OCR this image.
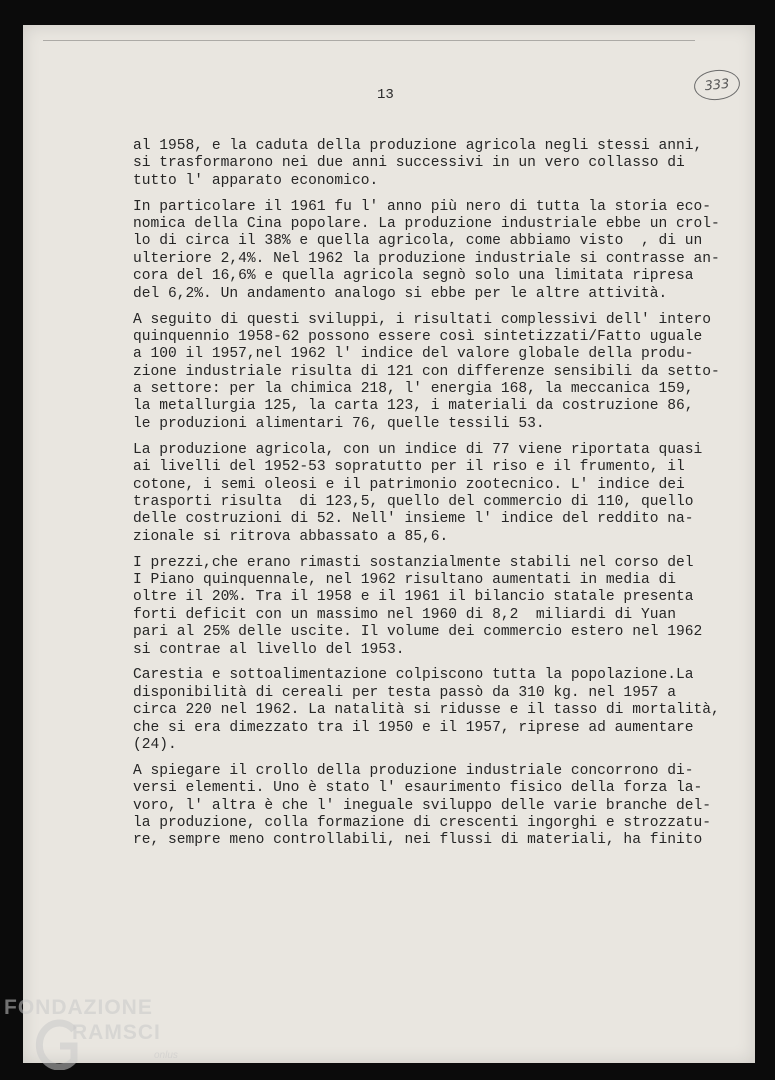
13
333
al 1958, e la caduta della produzione agricola negli stessi anni,
si trasformarono nei due anni successivi in un vero collasso di
tutto l' apparato economico.
In particolare il 1961 fu l' anno più nero di tutta la storia eco-
nomica della Cina popolare. La produzione industriale ebbe un crol-
lo di circa il 38% e quella agricola, come abbiamo visto  , di un
ulteriore 2,4%. Nel 1962 la produzione industriale si contrasse an-
cora del 16,6% e quella agricola segnò solo una limitata ripresa
del 6,2%. Un andamento analogo si ebbe per le altre attività.
A seguito di questi sviluppi, i risultati complessivi dell' intero
quinquennio 1958-62 possono essere così sintetizzati/Fatto uguale
a 100 il 1957,nel 1962 l' indice del valore globale della produ-
zione industriale risulta di 121 con differenze sensibili da setto-
a settore: per la chimica 218, l' energia 168, la meccanica 159,
la metallurgia 125, la carta 123, i materiali da costruzione 86,
le produzioni alimentari 76, quelle tessili 53.
La produzione agricola, con un indice di 77 viene riportata quasi
ai livelli del 1952-53 sopratutto per il riso e il frumento, il
cotone, i semi oleosi e il patrimonio zootecnico. L' indice dei
trasporti risulta  di 123,5, quello del commercio di 110, quello
delle costruzioni di 52. Nell' insieme l' indice del reddito na-
zionale si ritrova abbassato a 85,6.
I prezzi,che erano rimasti sostanzialmente stabili nel corso del
I Piano quinquennale, nel 1962 risultano aumentati in media di
oltre il 20%. Tra il 1958 e il 1961 il bilancio statale presenta
forti deficit con un massimo nel 1960 di 8,2  miliardi di Yuan
pari al 25% delle uscite. Il volume dei commercio estero nel 1962
si contrae al livello del 1953.
Carestia e sottoalimentazione colpiscono tutta la popolazione.La
disponibilità di cereali per testa passò da 310 kg. nel 1957 a
circa 220 nel 1962. La natalità si ridusse e il tasso di mortalità,
che si era dimezzato tra il 1950 e il 1957, riprese ad aumentare
(24).
A spiegare il crollo della produzione industriale concorrono di-
versi elementi. Uno è stato l' esaurimento fisico della forza la-
voro, l' altra è che l' ineguale sviluppo delle varie branche del-
la produzione, colla formazione di crescenti ingorghi e strozzatu-
re, sempre meno controllabili, nei flussi di materiali, ha finito
FONDAZIONE
RAMSCI
onlus
